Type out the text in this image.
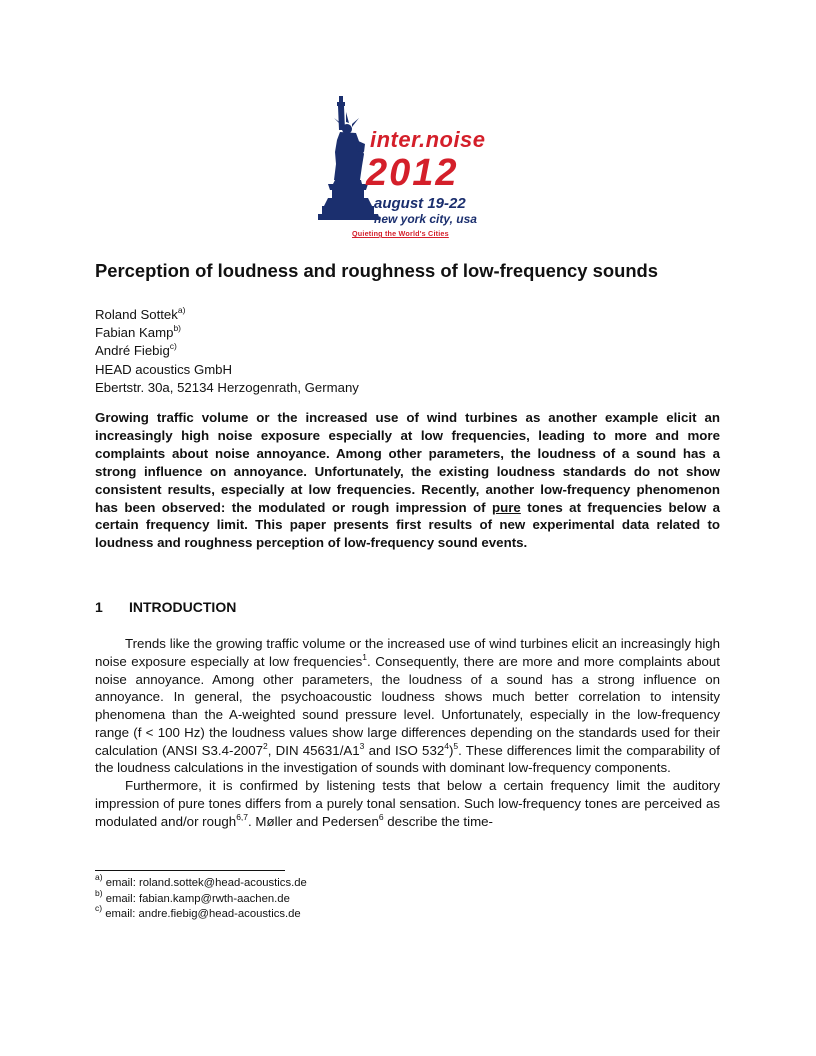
inter.noise
2012
august 19-22
new york city, usa
Quieting the World's Cities
Perception of loudness and roughness of low-frequency sounds
Roland Sottek$^{a)}$
Fabian Kamp$^{b)}$
André Fiebig$^{c)}$
HEAD acoustics GmbH
Ebertstr. 30a, 52134 Herzogenrath, Germany

Growing traffic volume or the increased use of wind turbines as another example elicit an increasingly high noise exposure especially at low frequencies, leading to more and more complaints about noise annoyance. Among other parameters, the loudness of a sound has a strong influence on annoyance. Unfortunately, the existing loudness standards do not show consistent results, especially at low frequencies. Recently, another low-frequency phenomenon has been observed: the modulated or rough impression of pure tones at frequencies below a certain frequency limit. This paper presents first results of new experimental data related to loudness and roughness perception of low-frequency sound events.

1 INTRODUCTION

Trends like the growing traffic volume or the increased use of wind turbines elicit an increasingly high noise exposure especially at low frequencies$^1$. Consequently, there are more and more complaints about noise annoyance. Among other parameters, the loudness of a sound has a strong influence on annoyance. In general, the psychoacoustic loudness shows much better correlation to intensity phenomena than the A-weighted sound pressure level. Unfortunately, especially in the low-frequency range (f < 100 Hz) the loudness values show large differences depending on the standards used for their calculation (ANSI S3.4-2007$^2$, DIN $45631/A1^3$ and ISO $532^4)^5$. These differences limit the comparability of the loudness calculations in the investigation of sounds with dominant low-frequency components.

Furthermore, it is confirmed by listening tests that below a certain frequency limit the auditory impression of pure tones differs from a purely tonal sensation. Such low-frequency tones are perceived as modulated and/or rough$^{6,7}$. Møller and Pedersen$^6$ describe the time-

$^{a)}$ email: roland.sottek@head-acoustics.de
$^{b)}$ email: fabian.kamp@rwth-aachen.de
$^{c)}$ email: andre.fiebig@head-acoustics.de
